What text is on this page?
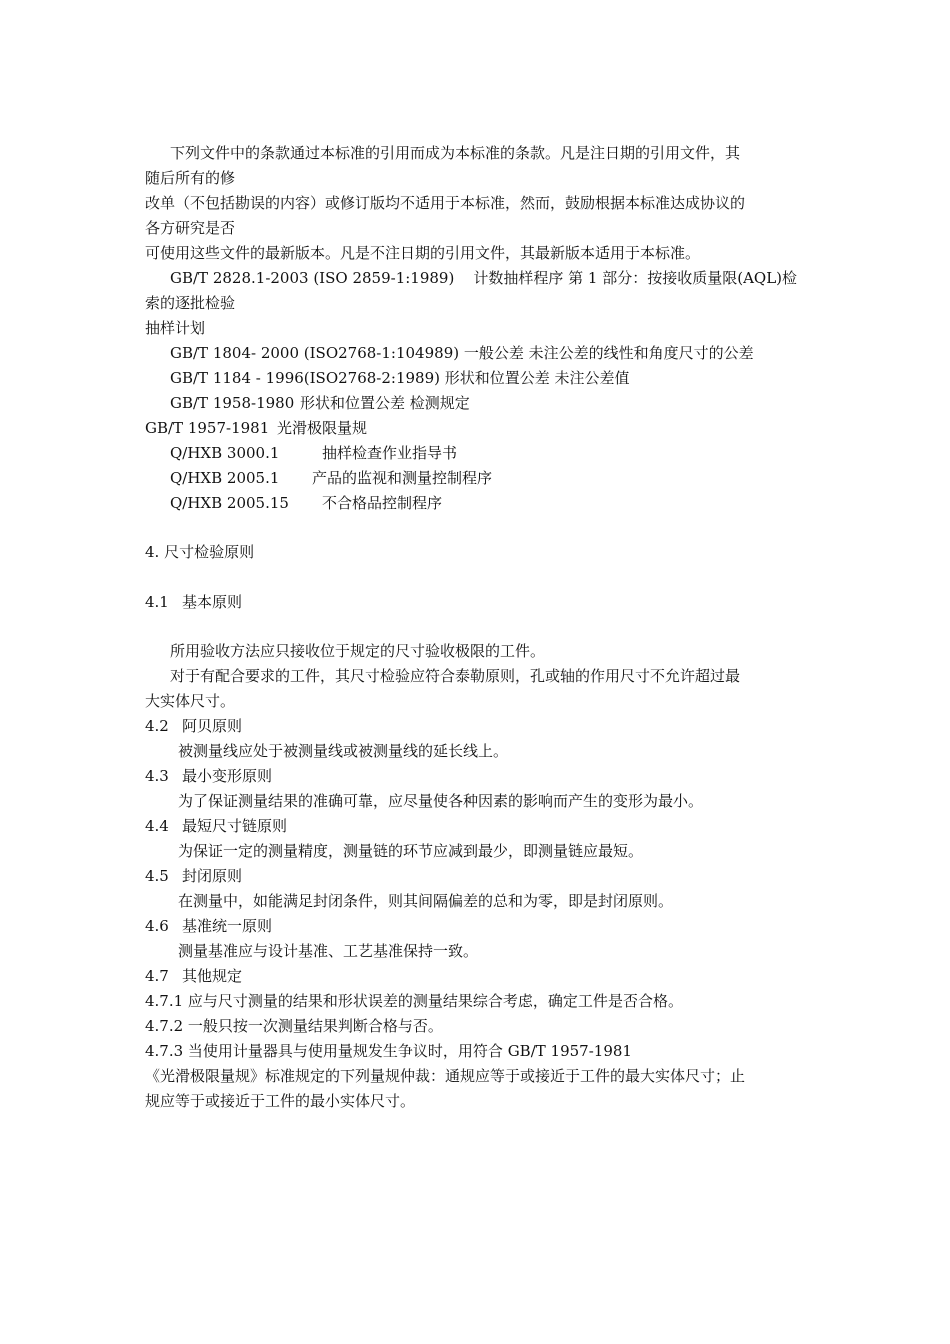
下列文件中的条款通过本标准的引用而成为本标准的条款。凡是注日期的引用文件，其
随后所有的修
改单（不包括勘误的内容）或修订版均不适用于本标准，然而，鼓励根据本标准达成协议的
各方研究是否
可使用这些文件的最新版本。凡是不注日期的引用文件，其最新版本适用于本标准。
GB/T 2828.1-2003 (ISO 2859-1:1989) 计数抽样程序 第 1 部分：按接收质量限(AQL)检
索的逐批检验
抽样计划
GB/T 1804- 2000 (ISO2768-1:104989) 一般公差 未注公差的线性和角度尺寸的公差
GB/T 1184 - 1996(ISO2768-2:1989) 形状和位置公差 未注公差值
GB/T 1958-1980 形状和位置公差 检测规定
GB/T 1957-1981 光滑极限量规
Q/HXB 3000.1	抽样检查作业指导书
Q/HXB 2005.1 产品的监视和测量控制程序
Q/HXB 2005.15 不合格品控制程序
4. 尺寸检验原则
4.1 基本原则
所用验收方法应只接收位于规定的尺寸验收极限的工件。
对于有配合要求的工件，其尺寸检验应符合泰勒原则，孔或轴的作用尺寸不允许超过最
大实体尺寸。
4.2 阿贝原则
被测量线应处于被测量线或被测量线的延长线上。
4.3 最小变形原则
为了保证测量结果的准确可靠，应尽量使各种因素的影响而产生的变形为最小。
4.4 最短尺寸链原则
为保证一定的测量精度，测量链的环节应减到最少，即测量链应最短。
4.5 封闭原则
在测量中，如能满足封闭条件，则其间隔偏差的总和为零，即是封闭原则。
4.6 基准统一原则
测量基准应与设计基准、工艺基准保持一致。
4.7 其他规定
4.7.1 应与尺寸测量的结果和形状误差的测量结果综合考虑，确定工件是否合格。
4.7.2 一般只按一次测量结果判断合格与否。
4.7.3 当使用计量器具与使用量规发生争议时，用符合 GB/T 1957-1981
《光滑极限量规》标准规定的下列量规仲裁：通规应等于或接近于工件的最大实体尺寸；止
规应等于或接近于工件的最小实体尺寸。
